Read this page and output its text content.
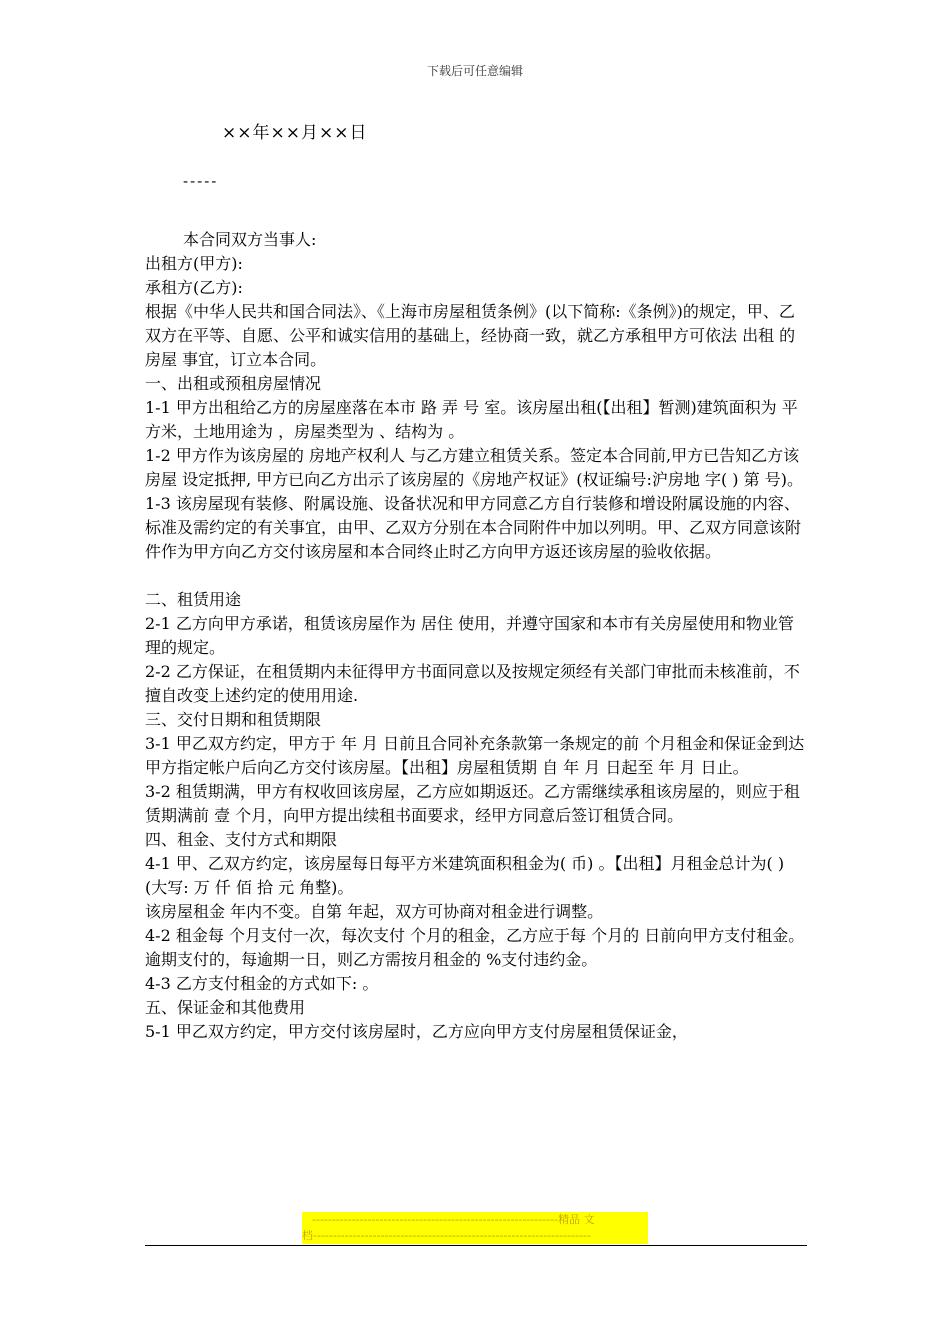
下载后可任意编辑
××年××月××日
-----

本合同双方当事人:

出租方(甲方):

承租方(乙方):

根据《中华人民共和国合同法》、《上海市房屋租赁条例》(以下简称:《条例》)的规定，甲、乙双方在平等、自愿、公平和诚实信用的基础上，经协商一致，就乙方承租甲方可依法 出租 的 房屋 事宜，订立本合同。

一、出租或预租房屋情况

1-1 甲方出租给乙方的房屋座落在本市 路 弄 号 室。该房屋出租(【出租】暂测)建筑面积为 平方米，土地用途为 ，房屋类型为 、结构为 。

1-2 甲方作为该房屋的 房地产权利人 与乙方建立租赁关系。签定本合同前,甲方已告知乙方该房屋 设定抵押, 甲方已向乙方出示了该房屋的《房地产权证》(权证编号:沪房地 字( ) 第 号)。

1-3 该房屋现有装修、附属设施、设备状况和甲方同意乙方自行装修和增设附属设施的内容、标准及需约定的有关事宜，由甲、乙双方分别在本合同附件中加以列明。甲、乙双方同意该附件作为甲方向乙方交付该房屋和本合同终止时乙方向甲方返还该房屋的验收依据。

二、租赁用途

2-1 乙方向甲方承诺，租赁该房屋作为 居住 使用，并遵守国家和本市有关房屋使用和物业管理的规定。

2-2 乙方保证，在租赁期内未征得甲方书面同意以及按规定须经有关部门审批而未核准前，不擅自改变上述约定的使用用途.

三、交付日期和租赁期限

3-1 甲乙双方约定，甲方于 年 月 日前且合同补充条款第一条规定的前 个月租金和保证金到达甲方指定帐户后向乙方交付该房屋。【出租】房屋租赁期 自 年 月 日起至 年 月 日止。

3-2 租赁期满，甲方有权收回该房屋，乙方应如期返还。乙方需继续承租该房屋的，则应于租赁期满前 壹 个月，向甲方提出续租书面要求，经甲方同意后签订租赁合同。

四、租金、支付方式和期限

4-1 甲、乙双方约定，该房屋每日每平方米建筑面积租金为( 币) 。【出租】月租金总计为( ) (大写: 万 仟 佰 拾 元 角整)。

该房屋租金 年内不变。自第 年起，双方可协商对租金进行调整。

4-2 租金每 个月支付一次，每次支付 个月的租金，乙方应于每 个月的 日前向甲方支付租金。逾期支付的，每逾期一日，则乙方需按月租金的 %支付违约金。

4-3 乙方支付租金的方式如下: 。

五、保证金和其他费用

5-1 甲乙双方约定，甲方交付该房屋时，乙方应向甲方支付房屋租赁保证金，

--------------------------------------------------------------精品 文
档----------------------------------------------------------------------
